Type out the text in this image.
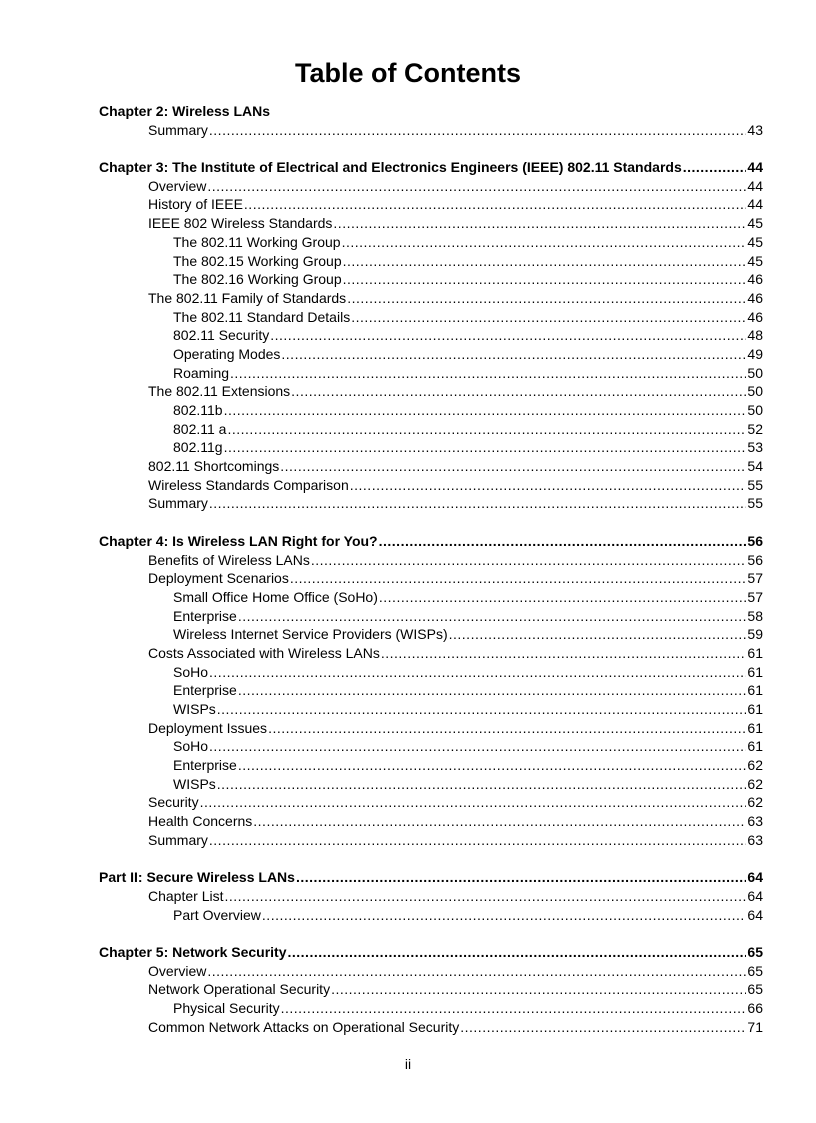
Table of Contents
Chapter 2: Wireless LANs
Summary .....	43
Chapter 3: The Institute of Electrical and Electronics Engineers (IEEE) 802.11 Standards .....	44
Overview .....	44
History of IEEE .....	44
IEEE 802 Wireless Standards .....	45
The 802.11 Working Group .....	45
The 802.15 Working Group .....	45
The 802.16 Working Group .....	46
The 802.11 Family of Standards .....	46
The 802.11 Standard Details .....	46
802.11 Security .....	48
Operating Modes .....	49
Roaming .....	50
The 802.11 Extensions .....	50
802.11b .....	50
802.11 a .....	52
802.11g .....	53
802.11 Shortcomings .....	54
Wireless Standards Comparison .....	55
Summary .....	55
Chapter 4: Is Wireless LAN Right for You? .....	56
Benefits of Wireless LANs .....	56
Deployment Scenarios .....	57
Small Office Home Office (SoHo) .....	57
Enterprise .....	58
Wireless Internet Service Providers (WISPs) .....	59
Costs Associated with Wireless LANs .....	61
SoHo .....	61
Enterprise .....	61
WISPs .....	61
Deployment Issues .....	61
SoHo .....	61
Enterprise .....	62
WISPs .....	62
Security .....	62
Health Concerns .....	63
Summary .....	63
Part II: Secure Wireless LANs .....	64
Chapter List .....	64
Part Overview .....	64
Chapter 5: Network Security .....	65
Overview .....	65
Network Operational Security .....	65
Physical Security .....	66
Common Network Attacks on Operational Security .....	71
ii
